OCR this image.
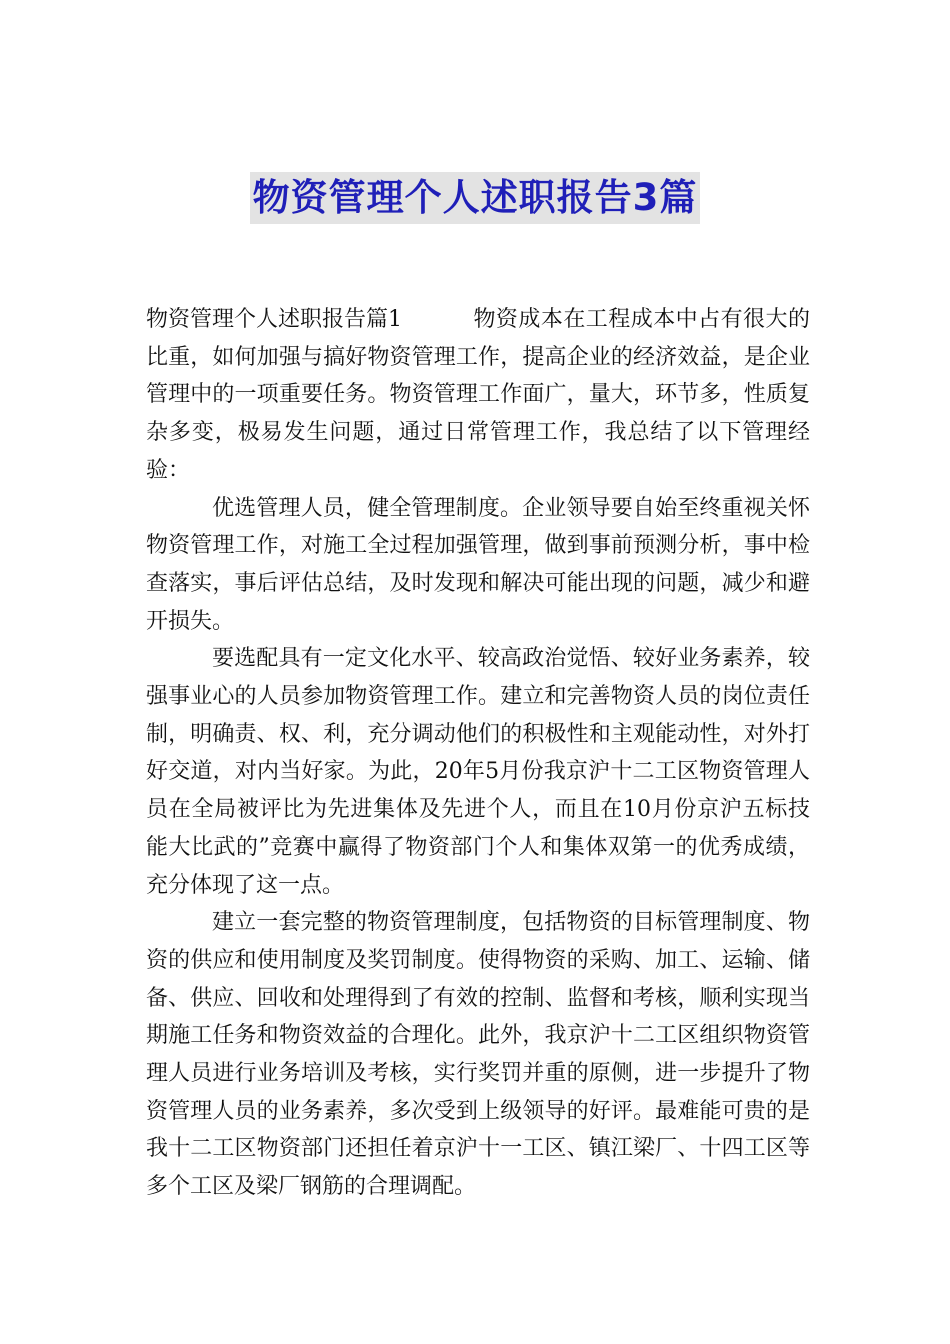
物资管理个人述职报告3篇

物资管理个人述职报告篇1	物资成本在工程成本中占有很大的比重，如何加强与搞好物资管理工作，提高企业的经济效益，是企业管理中的一项重要任务。物资管理工作面广，量大，环节多，性质复杂多变，极易发生问题，通过日常管理工作，我总结了以下管理经验：

优选管理人员，健全管理制度。企业领导要自始至终重视关怀物资管理工作，对施工全过程加强管理，做到事前预测分析，事中检查落实，事后评估总结，及时发现和解决可能出现的问题，减少和避开损失。

要选配具有一定文化水平、较高政治觉悟、较好业务素养，较强事业心的人员参加物资管理工作。建立和完善物资人员的岗位责任制，明确责、权、利，充分调动他们的积极性和主观能动性，对外打好交道，对内当好家。为此，20年5月份我京沪十二工区物资管理人员在全局被评比为先进集体及先进个人，而且在10月份京沪五标技能大比武的”竞赛中赢得了物资部门个人和集体双第一的优秀成绩，充分体现了这一点。

建立一套完整的物资管理制度，包括物资的目标管理制度、物资的供应和使用制度及奖罚制度。使得物资的采购、加工、运输、储备、供应、回收和处理得到了有效的控制、监督和考核，顺利实现当期施工任务和物资效益的合理化。此外，我京沪十二工区组织物资管理人员进行业务培训及考核，实行奖罚并重的原侧，进一步提升了物资管理人员的业务素养，多次受到上级领导的好评。最难能可贵的是我十二工区物资部门还担任着京沪十一工区、镇江梁厂、十四工区等多个工区及梁厂钢筋的合理调配。
